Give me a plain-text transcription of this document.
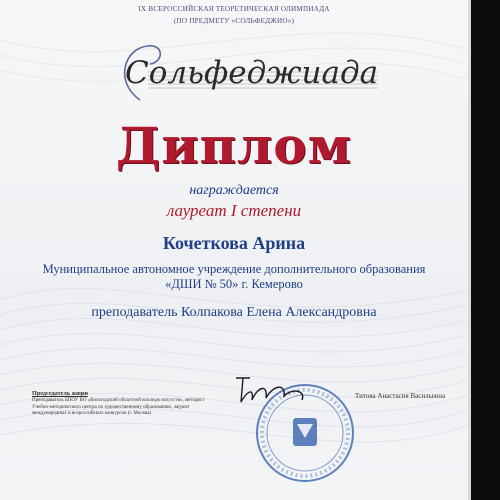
IX ВСЕРОССИЙСКАЯ ТЕОРЕТИЧЕСКАЯ ОЛИМПИАДА
(ПО ПРЕДМЕТУ «СОЛЬФЕДЖИО»)
Сольфеджиада
Диплом
награждается
лауреат I степени
Кочеткова Арина
Муниципальное автономное учреждение дополнительного образования
«ДШИ № 50» г. Кемерово
преподаватель Колпакова Елена Александровна
Председатель жюри
Преподаватель БПОУ ВО «Вологодский областной колледж искусств», методист Учебно-методического центра по художественному образованию, лауреат международных и всероссийских конкурсов (г. Москва)
Титова Анастасия Васильевна
